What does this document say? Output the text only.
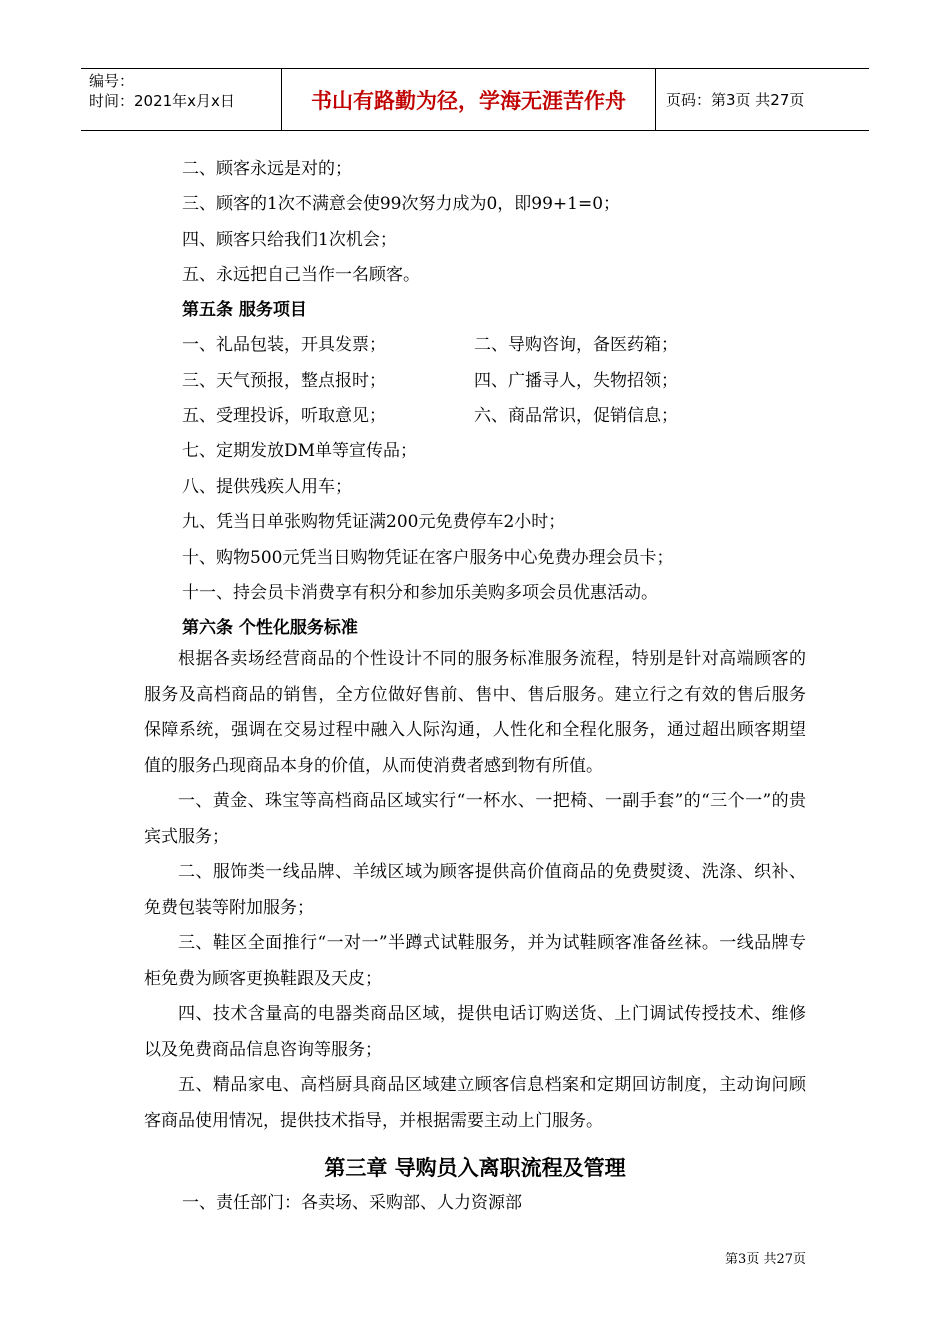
编号：
时间：2021年x月x日	书山有路勤为径，学海无涯苦作舟	页码：第3页 共27页
二、顾客永远是对的；
三、顾客的1次不满意会使99次努力成为0，即99+1=0；
四、顾客只给我们1次机会；
五、永远把自己当作一名顾客。
第五条 服务项目
一、礼品包装，开具发票；	二、导购咨询，备医药箱；
三、天气预报，整点报时；	四、广播寻人，失物招领；
五、受理投诉，听取意见；	六、商品常识，促销信息；
七、定期发放DM单等宣传品；
八、提供残疾人用车；
九、凭当日单张购物凭证满200元免费停车2小时；
十、购物500元凭当日购物凭证在客户服务中心免费办理会员卡；
十一、持会员卡消费享有积分和参加乐美购多项会员优惠活动。
第六条 个性化服务标准

根据各卖场经营商品的个性设计不同的服务标准服务流程，特别是针对高端顾客的服务及高档商品的销售，全方位做好售前、售中、售后服务。建立行之有效的售后服务保障系统，强调在交易过程中融入人际沟通，人性化和全程化服务，通过超出顾客期望值的服务凸现商品本身的价值，从而使消费者感到物有所值。

一、黄金、珠宝等高档商品区域实行“一杯水、一把椅、一副手套”的“三个一”的贵宾式服务；

二、服饰类一线品牌、羊绒区域为顾客提供高价值商品的免费熨烫、洗涤、织补、免费包装等附加服务；

三、鞋区全面推行“一对一”半蹲式试鞋服务，并为试鞋顾客准备丝袜。一线品牌专柜免费为顾客更换鞋跟及天皮；

四、技术含量高的电器类商品区域，提供电话订购送货、上门调试传授技术、维修以及免费商品信息咨询等服务；

五、精品家电、高档厨具商品区域建立顾客信息档案和定期回访制度，主动询问顾客商品使用情况，提供技术指导，并根据需要主动上门服务。

第三章 导购员入离职流程及管理
一、责任部门：各卖场、采购部、人力资源部
第3页 共27页
